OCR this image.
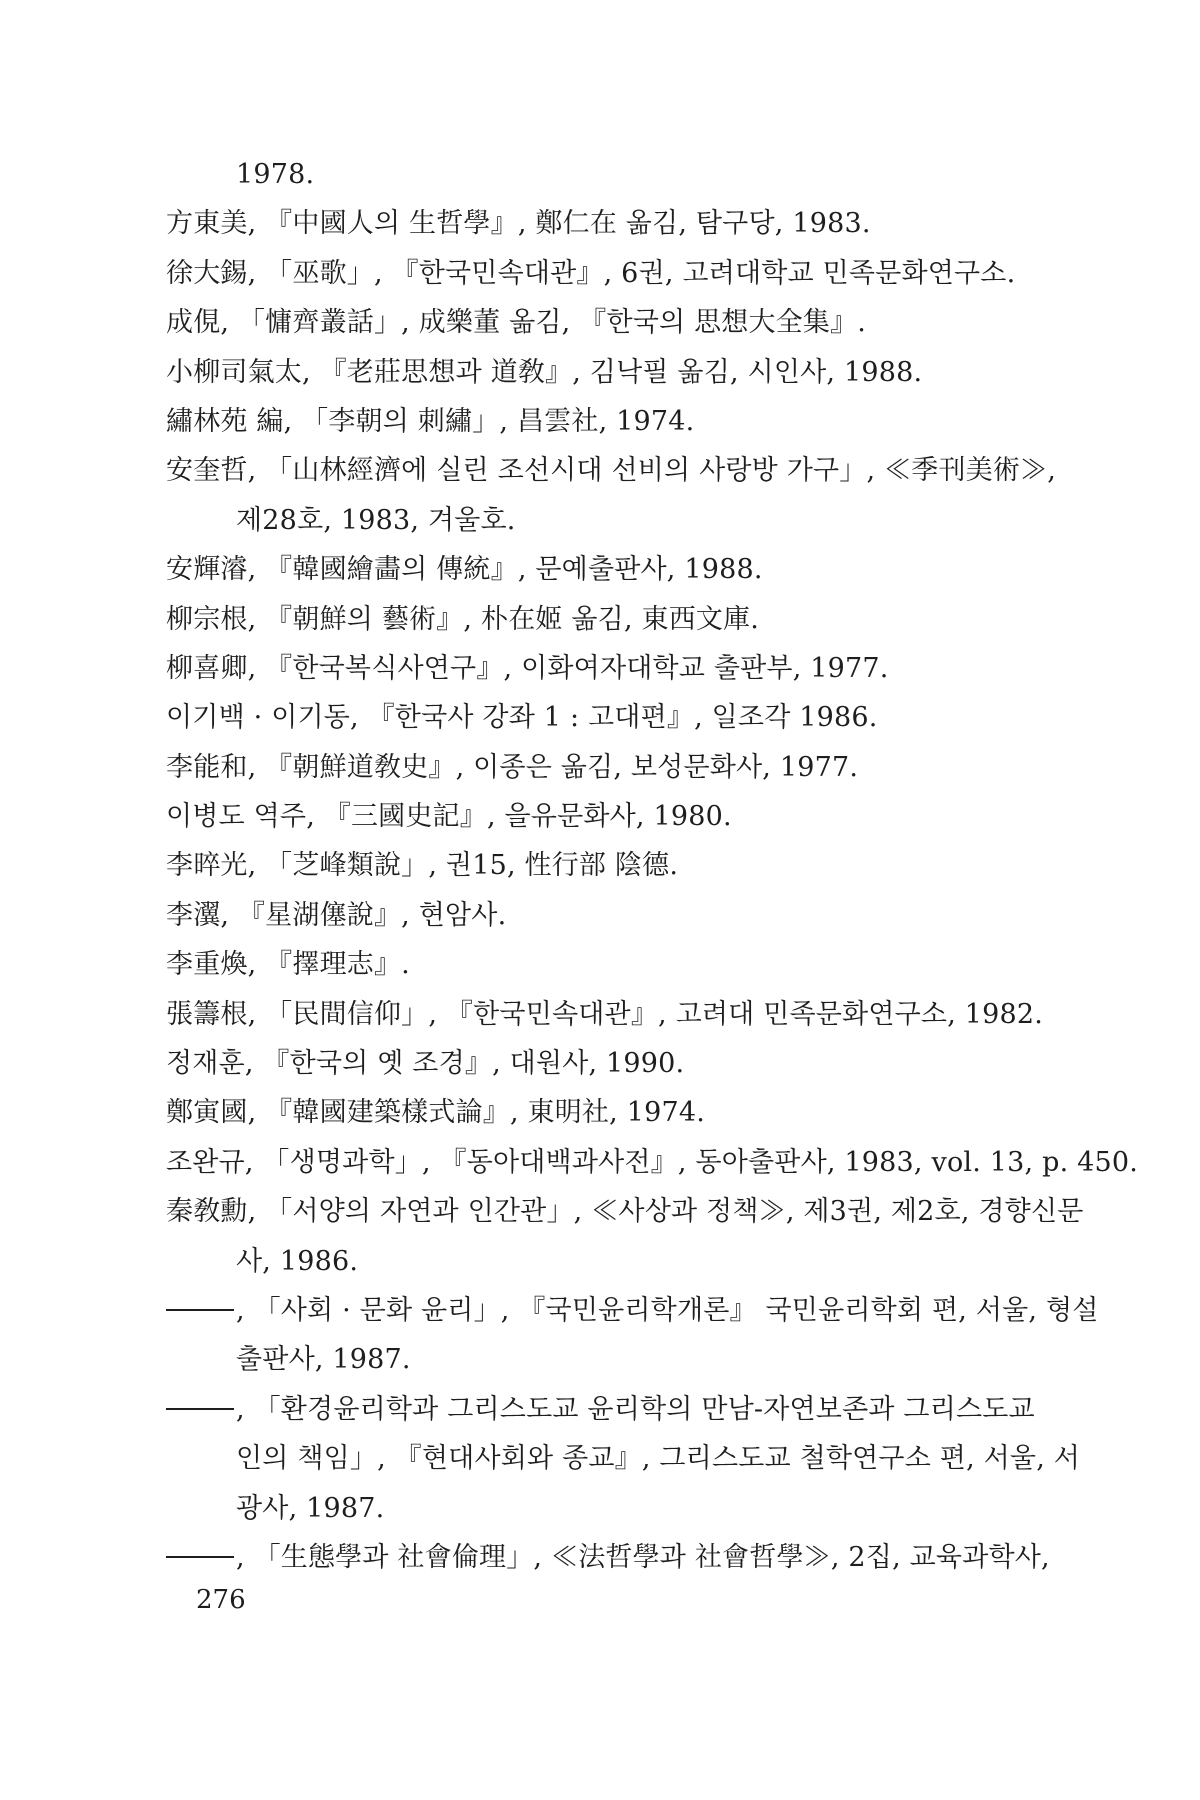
1978.
方東美, 『中國人의 生哲學』, 鄭仁在 옮김, 탐구당, 1983.
徐大錫, 「巫歌」, 『한국민속대관』, 6권, 고려대학교 민족문화연구소.
成俔, 「慵齊叢話」, 成樂董 옮김, 『한국의 思想大全集』.
小柳司氣太, 『老莊思想과 道敎』, 김낙필 옮김, 시인사, 1988.
繡林苑 編, 「李朝의 刺繡」, 昌雲社, 1974.
安奎哲, 「山林經濟에 실린 조선시대 선비의 사랑방 가구」, ≪季刊美術≫,
제28호, 1983, 겨울호.
安輝濬, 『韓國繪畵의 傳統』, 문예출판사, 1988.
柳宗根, 『朝鮮의 藝術』, 朴在姬 옮김, 東西文庫.
柳喜卿, 『한국복식사연구』, 이화여자대학교 출판부, 1977.
이기백 · 이기동, 『한국사 강좌 1 : 고대편』, 일조각 1986.
李能和, 『朝鮮道敎史』, 이종은 옮김, 보성문화사, 1977.
이병도 역주, 『三國史記』, 을유문화사, 1980.
李晬光, 「芝峰類說」, 권15, 性行部 陰德.
李瀷, 『星湖僿說』, 현암사.
李重煥, 『擇理志』.
張籌根, 「民間信仰」, 『한국민속대관』, 고려대 민족문화연구소, 1982.
정재훈, 『한국의 옛 조경』, 대원사, 1990.
鄭寅國, 『韓國建築樣式論』, 東明社, 1974.
조완규, 「생명과학」, 『동아대백과사전』, 동아출판사, 1983, vol. 13, p. 450.
秦敎勳, 「서양의 자연과 인간관」, ≪사상과 정책≫, 제3권, 제2호, 경향신문
사, 1986.
, 「사회 · 문화 윤리」, 『국민윤리학개론』 국민윤리학회 편, 서울, 형설
출판사, 1987.
, 「환경윤리학과 그리스도교 윤리학의 만남-자연보존과 그리스도교
인의 책임」, 『현대사회와 종교』, 그리스도교 철학연구소 편, 서울, 서
광사, 1987.
, 「生態學과 社會倫理」, ≪法哲學과 社會哲學≫, 2집, 교육과학사,
276
